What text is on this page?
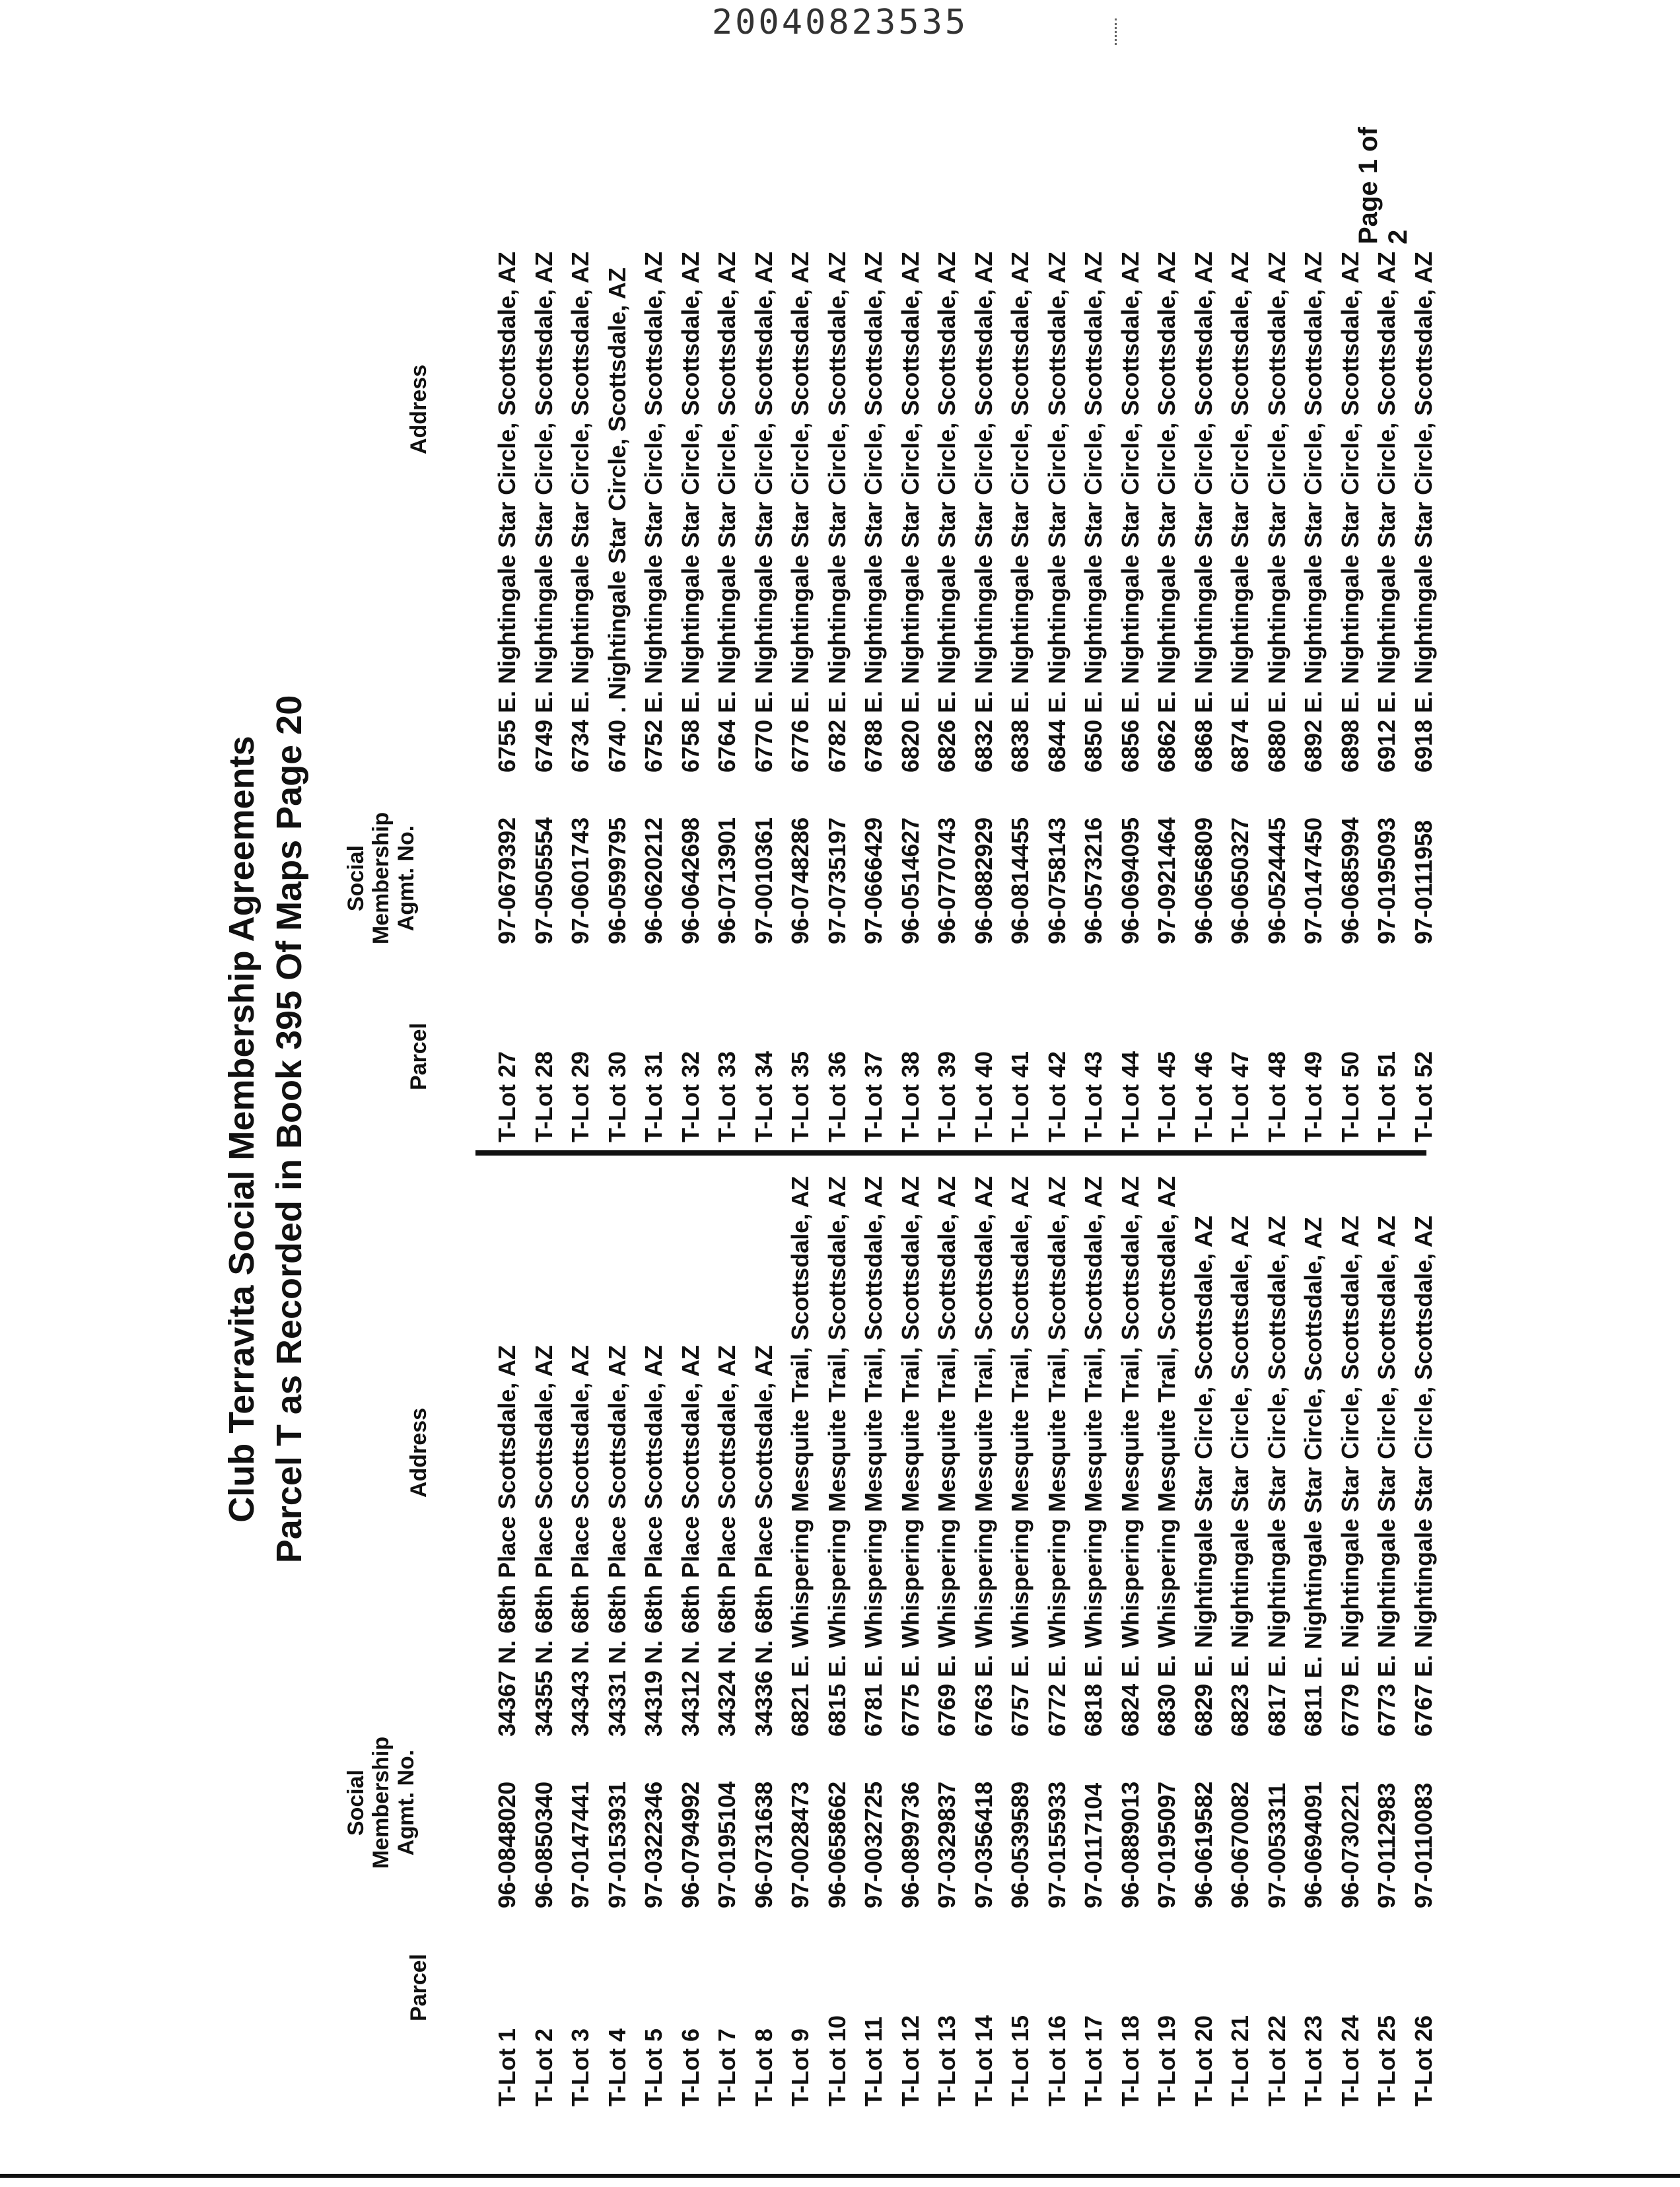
20040823535
Club Terravita Social Membership Agreements Parcel T as Recorded in Book 395 Of Maps Page 20
Parcel
Social Membership Agmt. No.
Address
Parcel
Social Membership Agmt. No.
Address
T-Lot 1
96-0848020
34367 N. 68th Place Scottsdale, AZ
T-Lot 2
96-0850340
34355 N. 68th Place Scottsdale, AZ
T-Lot 3
97-0147441
34343 N. 68th Place Scottsdale, AZ
T-Lot 4
97-0153931
34331 N. 68th Place Scottsdale, AZ
T-Lot 5
97-0322346
34319 N. 68th Place Scottsdale, AZ
T-Lot 6
96-0794992
34312 N. 68th Place Scottsdale, AZ
T-Lot 7
97-0195104
34324 N. 68th Place Scottsdale, AZ
T-Lot 8
96-0731638
34336 N. 68th Place Scottsdale, AZ
T-Lot 9
97-0028473
6821 E. Whispering Mesquite Trail, Scottsdale, AZ
T-Lot 10
96-0658662
6815 E. Whispering Mesquite Trail, Scottsdale, AZ
T-Lot 11
97-0032725
6781 E. Whispering Mesquite Trail, Scottsdale, AZ
T-Lot 12
96-0899736
6775 E. Whispering Mesquite Trail, Scottsdale, AZ
T-Lot 13
97-0329837
6769 E. Whispering Mesquite Trail, Scottsdale, AZ
T-Lot 14
97-0356418
6763 E. Whispering Mesquite Trail, Scottsdale, AZ
T-Lot 15
96-0539589
6757 E. Whispering Mesquite Trail, Scottsdale, AZ
T-Lot 16
97-0155933
6772 E. Whispering Mesquite Trail, Scottsdale, AZ
T-Lot 17
97-0117104
6818 E. Whispering Mesquite Trail, Scottsdale, AZ
T-Lot 18
96-0889013
6824 E. Whispering Mesquite Trail, Scottsdale, AZ
T-Lot 19
97-0195097
6830 E. Whispering Mesquite Trail, Scottsdale, AZ
T-Lot 20
96-0619582
6829 E. Nightingale Star Circle, Scottsdale, AZ
T-Lot 21
96-0670082
6823 E. Nightingale Star Circle, Scottsdale, AZ
T-Lot 22
97-0053311
6817 E. Nightingale Star Circle, Scottsdale, AZ
T-Lot 23
96-0694091
6811 E. Nightingale Star Circle, Scottsdale, AZ
T-Lot 24
96-0730221
6779 E. Nightingale Star Circle, Scottsdale, AZ
T-Lot 25
97-0112983
6773 E. Nightingale Star Circle, Scottsdale, AZ
T-Lot 26
97-0110083
6767 E. Nightingale Star Circle, Scottsdale, AZ
T-Lot 27
97-0679392
6755 E. Nightingale Star Circle, Scottsdale, AZ
T-Lot 28
97-0505554
6749 E. Nightingale Star Circle, Scottsdale, AZ
T-Lot 29
97-0601743
6734 E. Nightingale Star Circle, Scottsdale, AZ
T-Lot 30
96-0599795
6740 . Nightingale Star Circle, Scottsdale, AZ
T-Lot 31
96-0620212
6752 E. Nightingale Star Circle, Scottsdale, AZ
T-Lot 32
96-0642698
6758 E. Nightingale Star Circle, Scottsdale, AZ
T-Lot 33
96-0713901
6764 E. Nightingale Star Circle, Scottsdale, AZ
T-Lot 34
97-0010361
6770 E. Nightingale Star Circle, Scottsdale, AZ
T-Lot 35
96-0748286
6776 E. Nightingale Star Circle, Scottsdale, AZ
T-Lot 36
97-0735197
6782 E. Nightingale Star Circle, Scottsdale, AZ
T-Lot 37
97-0666429
6788 E. Nightingale Star Circle, Scottsdale, AZ
T-Lot 38
96-0514627
6820 E. Nightingale Star Circle, Scottsdale, AZ
T-Lot 39
96-0770743
6826 E. Nightingale Star Circle, Scottsdale, AZ
T-Lot 40
96-0882929
6832 E. Nightingale Star Circle, Scottsdale, AZ
T-Lot 41
96-0814455
6838 E. Nightingale Star Circle, Scottsdale, AZ
T-Lot 42
96-0758143
6844 E. Nightingale Star Circle, Scottsdale, AZ
T-Lot 43
96-0573216
6850 E. Nightingale Star Circle, Scottsdale, AZ
T-Lot 44
96-0694095
6856 E. Nightingale Star Circle, Scottsdale, AZ
T-Lot 45
97-0921464
6862 E. Nightingale Star Circle, Scottsdale, AZ
T-Lot 46
96-0656809
6868 E. Nightingale Star Circle, Scottsdale, AZ
T-Lot 47
96-0650327
6874 E. Nightingale Star Circle, Scottsdale, AZ
T-Lot 48
96-0524445
6880 E. Nightingale Star Circle, Scottsdale, AZ
T-Lot 49
97-0147450
6892 E. Nightingale Star Circle, Scottsdale, AZ
T-Lot 50
96-0685994
6898 E. Nightingale Star Circle, Scottsdale, AZ
T-Lot 51
97-0195093
6912 E. Nightingale Star Circle, Scottsdale, AZ
T-Lot 52
97-0111958
6918 E. Nightingale Star Circle, Scottsdale, AZ
Page 1 of 2
